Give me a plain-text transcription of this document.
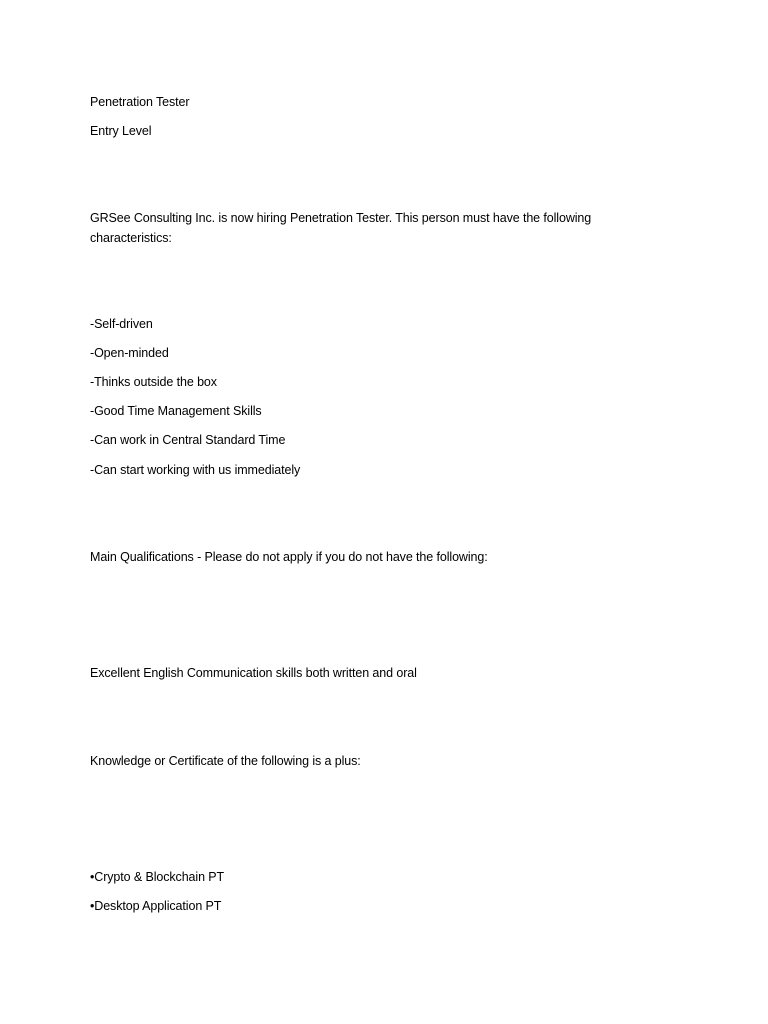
Penetration Tester
Entry Level
GRSee Consulting Inc. is now hiring Penetration Tester. This person must have the following characteristics:
-Self-driven
-Open-minded
-Thinks outside the box
-Good Time Management Skills
-Can work in Central Standard Time
-Can start working with us immediately
Main Qualifications - Please do not apply if you do not have the following:
Excellent English Communication skills both written and oral
Knowledge or Certificate of the following is a plus:
•Crypto & Blockchain PT
•Desktop Application PT
